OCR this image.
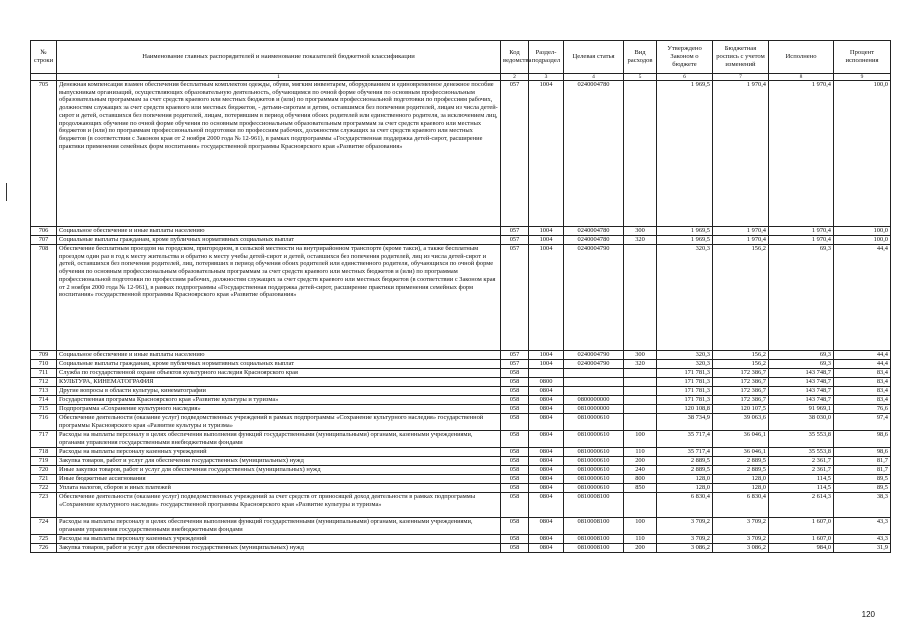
№ строки	Наименование главных распорядителей и наименование показателей бюджетной классификации	Код ведомства	Раздел-подраздел	Целевая статья	Вид расходов	Утверждено Законом о бюджете	Бюджетная роспись с учетом изменений	Исполнено	Процент исполнения
	1	2	3	4	5	6	7	8	9
705	Денежная компенсация взамен обеспечения бесплатным комплектом одежды, обуви, мягким инвентарем, оборудованием и единовременное денежное пособие выпускникам организаций, осуществляющих образовательную деятельность, обучающимся по очной форме обучения по основным профессиональным образовательным программам за счет средств краевого или местных бюджетов и (или) по программам профессиональной подготовки по профессиям рабочих, должностям служащих за счет средств краевого или местных бюджетов, - детьми-сиротам и детям, оставшимся без попечения родителей, лицам из числа детей-сирот и детей, оставшихся без попечения родителей, лицам, потерявшим в период обучения обоих родителей или единственного родителя, за исключением лиц, продолжающих обучение по очной форме обучения по основным профессиональным образовательным программам за счет средств краевого или местных бюджетов и (или) по программам профессиональной подготовки по профессиям рабочих, должностям служащих за счет средств краевого или местных бюджетов (в соответствии с Законом края от 2 ноября 2000 года № 12-961), в рамках подпрограммы «Государственная поддержка детей-сирот, расширение практики применения семейных форм воспитания» государственной программы Красноярского края «Развитие образования»	057	1004	0240004780		1 969,5	1 970,4	1 970,4	100,0
706	Социальное обеспечение и иные выплаты населению	057	1004	0240004780	300	1 969,5	1 970,4	1 970,4	100,0
707	Социальные выплаты гражданам, кроме публичных нормативных социальных выплат	057	1004	0240004780	320	1 969,5	1 970,4	1 970,4	100,0
708	Обеспечение бесплатным проездом на городском, пригородном, в сельской местности на внутрирайонном транспорте (кроме такси), а также бесплатным проездом один раз в год к месту жительства и обратно к месту учебы детей-сирот и детей, оставшихся без попечения родителей, лиц из числа детей-сирот и детей, оставшихся без попечения родителей, лиц, потерявших в период обучения обоих родителей или единственного родителя, обучающихся по очной форме обучения по основным профессиональным образовательным программам за счет средств краевого или местных бюджетов и (или) по программам профессиональной подготовки по профессиям рабочих, должностям служащих за счет средств краевого или местных бюджетов (в соответствии с Законом края от 2 ноября 2000 года № 12-961), в рамках подпрограммы «Государственная поддержка детей-сирот, расширение практики применения семейных форм воспитания» государственной программы Красноярского края «Развитие образования»	057	1004	0240004790		320,3	156,2	69,3	44,4
709	Социальное обеспечение и иные выплаты населению	057	1004	0240004790	300	320,3	156,2	69,3	44,4
710	Социальные выплаты гражданам, кроме публичных нормативных социальных выплат	057	1004	0240004790	320	320,3	156,2	69,3	44,4
711	Служба по государственной охране объектов культурного наследия Красноярского края	058				171 781,3	172 386,7	143 748,7	83,4
712	КУЛЬТУРА, КИНЕМАТОГРАФИЯ	058	0800			171 781,3	172 386,7	143 748,7	83,4
713	Другие вопросы в области культуры, кинематографии	058	0804			171 781,3	172 386,7	143 748,7	83,4
714	Государственная программа Красноярского края «Развитие культуры и туризма»	058	0804	0800000000		171 781,3	172 386,7	143 748,7	83,4
715	Подпрограмма «Сохранение культурного наследия»	058	0804	0810000000		120 108,8	120 107,5	91 969,1	76,6
716	Обеспечение деятельности (оказание услуг) подведомственных учреждений в рамках подпрограммы «Сохранение культурного наследия» государственной программы Красноярского края «Развитие культуры и туризма»	058	0804	0810000610		38 734,9	39 063,6	38 030,0	97,4
717	Расходы на выплаты персоналу в целях обеспечения выполнения функций государственными (муниципальными) органами, казенными учреждениями, органами управления государственными внебюджетными фондами	058	0804	0810000610	100	35 717,4	36 046,1	35 553,8	98,6
718	Расходы на выплаты персоналу казенных учреждений	058	0804	0810000610	110	35 717,4	36 046,1	35 553,8	98,6
719	Закупка товаров, работ и услуг для обеспечения государственных (муниципальных) нужд	058	0804	0810000610	200	2 889,5	2 889,5	2 361,7	81,7
720	Иные закупки товаров, работ и услуг для обеспечения государственных (муниципальных) нужд	058	0804	0810000610	240	2 889,5	2 889,5	2 361,7	81,7
721	Иные бюджетные ассигнования	058	0804	0810000610	800	128,0	128,0	114,5	89,5
722	Уплата налогов, сборов и иных платежей	058	0804	0810000610	850	128,0	128,0	114,5	89,5
723	Обеспечение деятельности (оказание услуг) подведомственных учреждений за счет средств от приносящей доход деятельности в рамках подпрограммы «Сохранение культурного наследия» государственной программы Красноярского края «Развитие культуры и туризма»	058	0804	0810008100		6 830,4	6 830,4	2 614,3	38,3
724	Расходы на выплаты персоналу в целях обеспечения выполнения функций государственными (муниципальными) органами, казенными учреждениями, органами управления государственными внебюджетными фондами	058	0804	0810008100	100	3 709,2	3 709,2	1 607,0	43,3
725	Расходы на выплаты персоналу казенных учреждений	058	0804	0810008100	110	3 709,2	3 709,2	1 607,0	43,3
726	Закупка товаров, работ и услуг для обеспечения государственных (муниципальных) нужд	058	0804	0810008100	200	3 086,2	3 086,2	984,0	31,9
120
